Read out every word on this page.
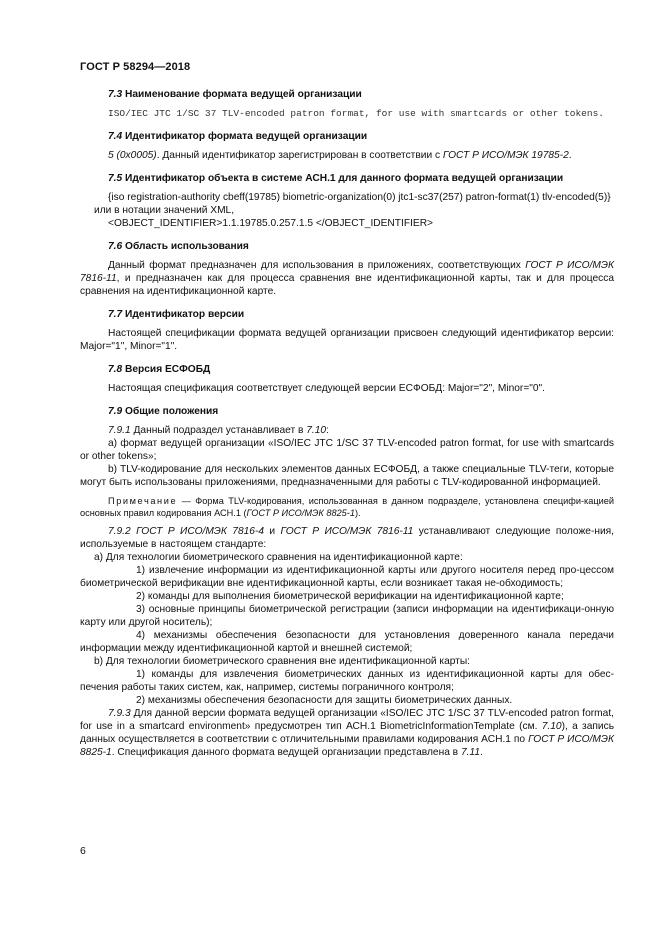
ГОСТ Р 58294—2018
7.3 Наименование формата ведущей организации

ISO/IEC JTC 1/SC 37 TLV-encoded patron format, for use with smartcards or other tokens.

7.4 Идентификатор формата ведущей организации

5 (0x0005). Данный идентификатор зарегистрирован в соответствии с ГОСТ Р ИСО/МЭК 19785-2.

7.5 Идентификатор объекта в системе АСН.1 для данного формата ведущей организации

{iso registration-authority cbeff(19785) biometric-organization(0) jtc1-sc37(257) patron-format(1) tlv-encoded(5)}

или в нотации значений XML,

<OBJECT_IDENTIFIER>1.1.19785.0.257.1.5 </OBJECT_IDENTIFIER>

7.6 Область использования

Данный формат предназначен для использования в приложениях, соответствующих ГОСТ Р ИСО/МЭК 7816-11, и предназначен как для процесса сравнения вне идентификационной карты, так и для процесса сравнения на идентификационной карте.

7.7 Идентификатор версии

Настоящей спецификации формата ведущей организации присвоен следующий идентификатор версии: Major="1", Minor="1".

7.8 Версия ЕСФОБД

Настоящая спецификация соответствует следующей версии ЕСФОБД: Major="2", Minor="0".

7.9 Общие положения

7.9.1 Данный подраздел устанавливает в 7.10:

a) формат ведущей организации «ISO/IEC JTC 1/SC 37 TLV-encoded patron format, for use with smartcards or other tokens»;

b) TLV-кодирование для нескольких элементов данных ЕСФОБД, а также специальные TLV-теги, которые могут быть использованы приложениями, предназначенными для работы с TLV-кодированной информацией.

Примечание — Форма TLV-кодирования, использованная в данном подразделе, установлена специфи-кацией основных правил кодирования АСН.1 (ГОСТ Р ИСО/МЭК 8825-1).

7.9.2 ГОСТ Р ИСО/МЭК 7816-4 и ГОСТ Р ИСО/МЭК 7816-11 устанавливают следующие положе-ния, используемые в настоящем стандарте:

a) Для технологии биометрического сравнения на идентификационной карте:

1) извлечение информации из идентификационной карты или другого носителя перед про-цессом биометрической верификации вне идентификационной карты, если возникает такая не-обходимость;

2) команды для выполнения биометрической верификации на идентификационной карте;

3) основные принципы биометрической регистрации (записи информации на идентификаци-онную карту или другой носитель);

4) механизмы обеспечения безопасности для установления доверенного канала передачи информации между идентификационной картой и внешней системой;

b) Для технологии биометрического сравнения вне идентификационной карты:

1) команды для извлечения биометрических данных из идентификационной карты для обес-печения работы таких систем, как, например, системы пограничного контроля;

2) механизмы обеспечения безопасности для защиты биометрических данных.

7.9.3 Для данной версии формата ведущей организации «ISO/IEC JTC 1/SC 37 TLV-encoded patron format, for use in a smartcard environment» предусмотрен тип АСН.1 BiometricInformationTemplate (см. 7.10), а запись данных осуществляется в соответствии с отличительными правилами кодирования АСН.1 по ГОСТ Р ИСО/МЭК 8825-1. Спецификация данного формата ведущей организации представлена в 7.11.

6
